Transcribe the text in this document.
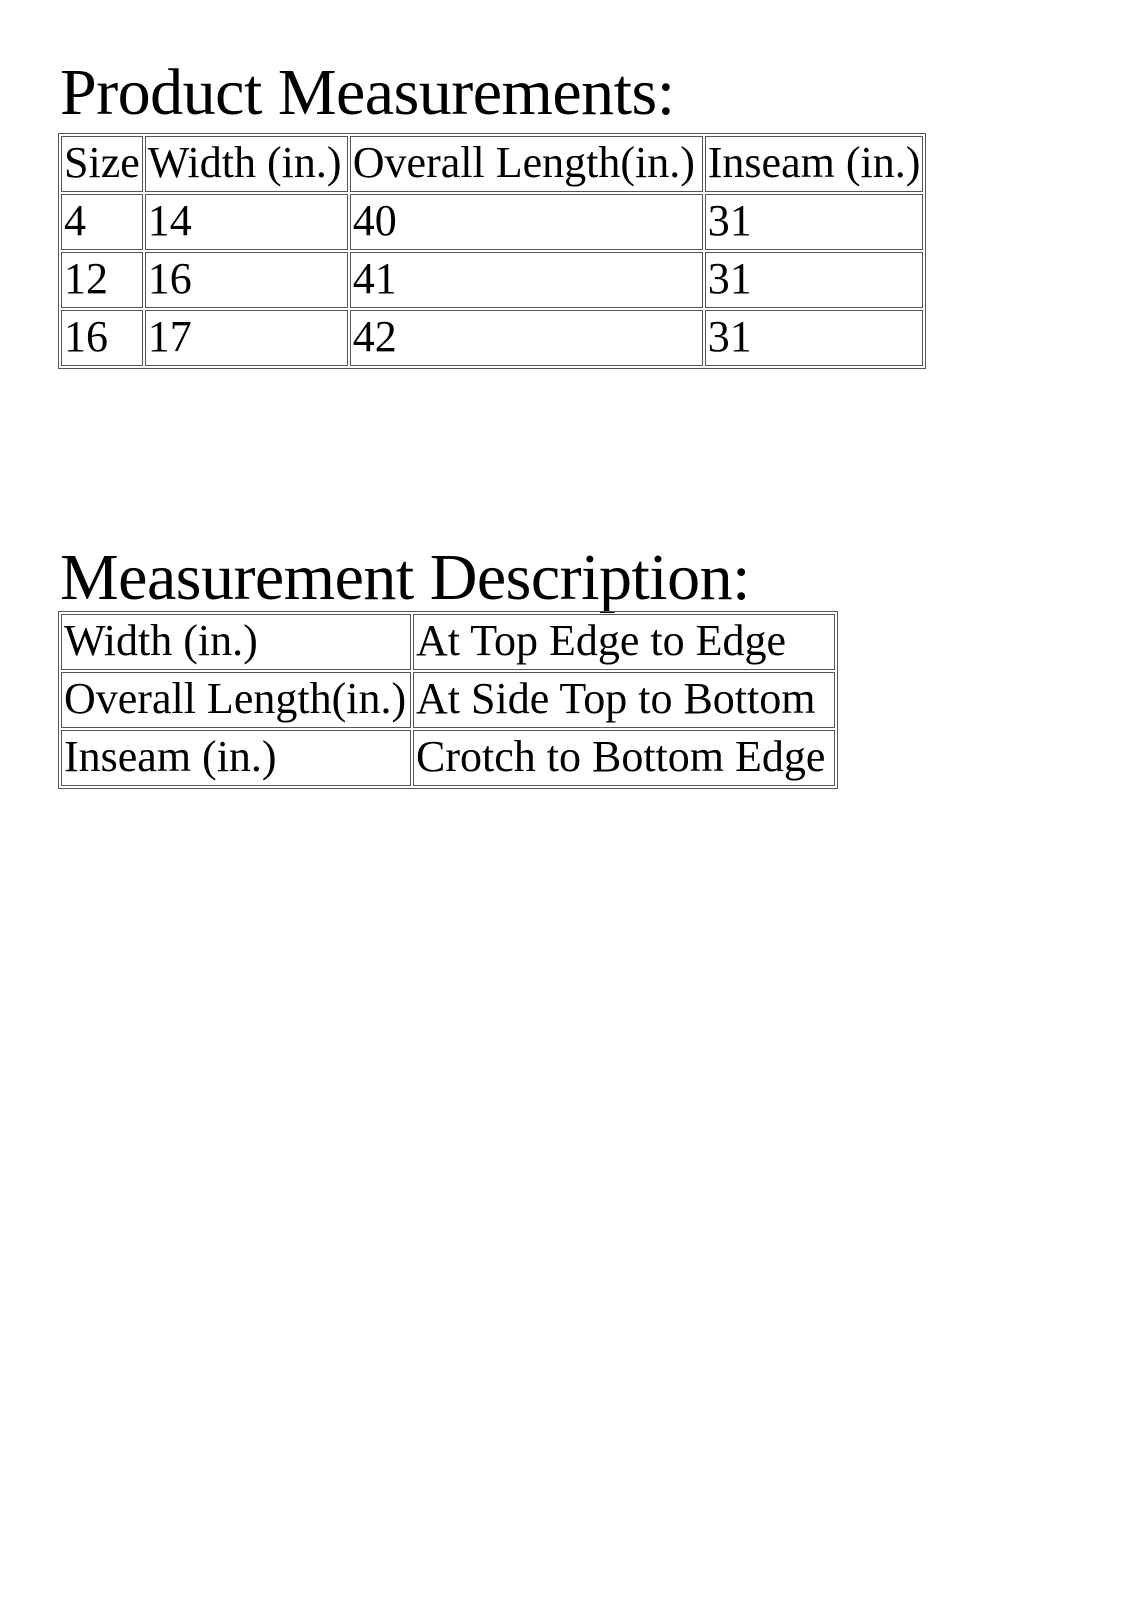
Product Measurements:
Size	Width (in.)	Overall Length(in.)	Inseam (in.)
4	14	40	31
12	16	41	31
16	17	42	31
Measurement Description:
Width (in.)	At Top Edge to Edge
Overall Length(in.)	At Side Top to Bottom
Inseam (in.)	Crotch to Bottom Edge
